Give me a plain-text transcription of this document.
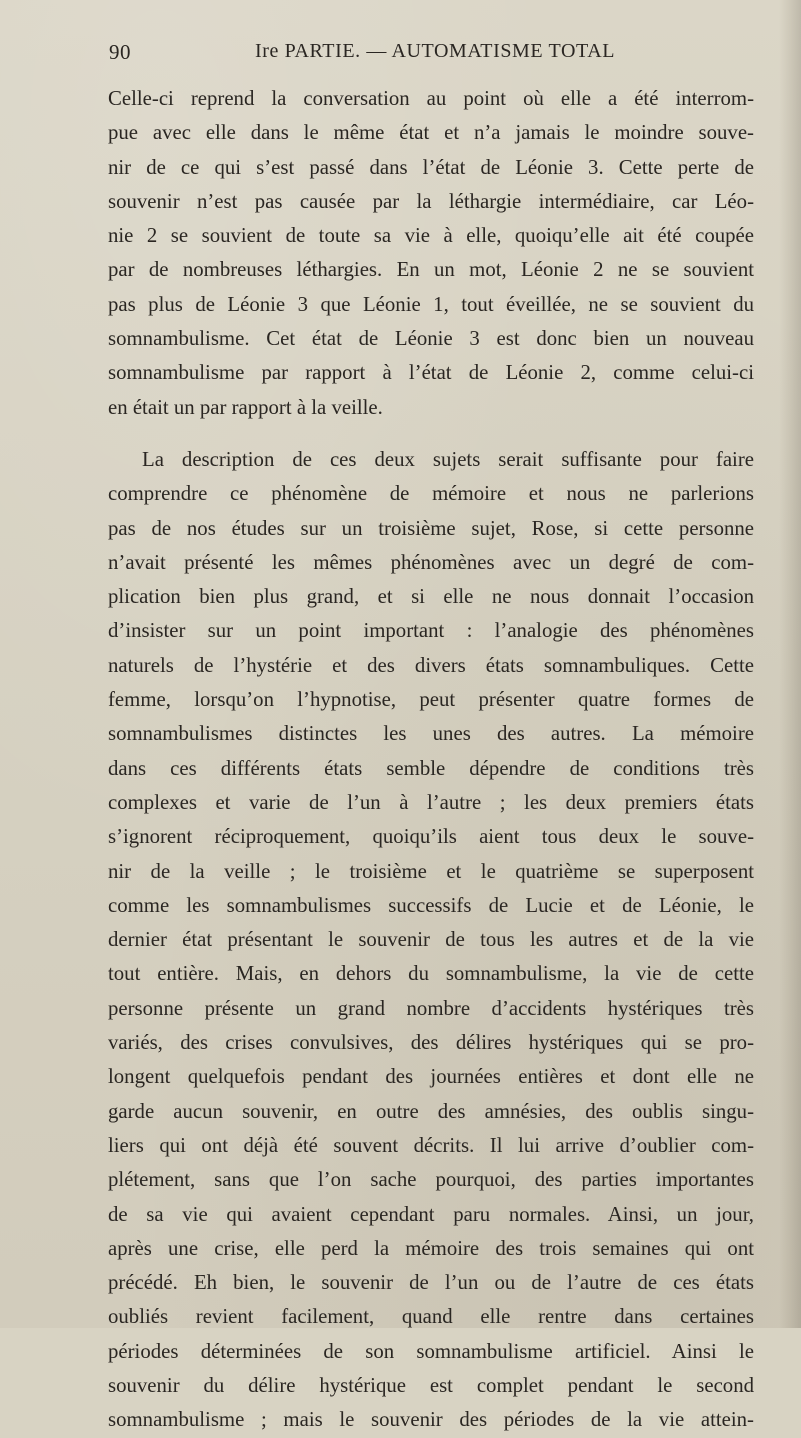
90	Ire PARTIE. — AUTOMATISME TOTAL
Celle-ci reprend la conversation au point où elle a été interrom-
pue avec elle dans le même état et n’a jamais le moindre souve-
nir de ce qui s’est passé dans l’état de Léonie 3. Cette perte de
souvenir n’est pas causée par la léthargie intermédiaire, car Léo-
nie 2 se souvient de toute sa vie à elle, quoiqu’elle ait été coupée
par de nombreuses léthargies. En un mot, Léonie 2 ne se souvient
pas plus de Léonie 3 que Léonie 1, tout éveillée, ne se souvient du
somnambulisme. Cet état de Léonie 3 est donc bien un nouveau
somnambulisme par rapport à l’état de Léonie 2, comme celui-ci
en était un par rapport à la veille.
La description de ces deux sujets serait suffisante pour faire
comprendre ce phénomène de mémoire et nous ne parlerions
pas de nos études sur un troisième sujet, Rose, si cette personne
n’avait présenté les mêmes phénomènes avec un degré de com-
plication bien plus grand, et si elle ne nous donnait l’occasion
d’insister sur un point important : l’analogie des phénomènes
naturels de l’hystérie et des divers états somnambuliques. Cette
femme, lorsqu’on l’hypnotise, peut présenter quatre formes de
somnambulismes distinctes les unes des autres. La mémoire
dans ces différents états semble dépendre de conditions très
complexes et varie de l’un à l’autre ; les deux premiers états
s’ignorent réciproquement, quoiqu’ils aient tous deux le souve-
nir de la veille ; le troisième et le quatrième se superposent
comme les somnambulismes successifs de Lucie et de Léonie, le
dernier état présentant le souvenir de tous les autres et de la vie
tout entière. Mais, en dehors du somnambulisme, la vie de cette
personne présente un grand nombre d’accidents hystériques très
variés, des crises convulsives, des délires hystériques qui se pro-
longent quelquefois pendant des journées entières et dont elle ne
garde aucun souvenir, en outre des amnésies, des oublis singu-
liers qui ont déjà été souvent décrits. Il lui arrive d’oublier com-
plétement, sans que l’on sache pourquoi, des parties importantes
de sa vie qui avaient cependant paru normales. Ainsi, un jour,
après une crise, elle perd la mémoire des trois semaines qui ont
précédé. Eh bien, le souvenir de l’un ou de l’autre de ces états
oubliés revient facilement, quand elle rentre dans certaines
périodes déterminées de son somnambulisme artificiel. Ainsi le
souvenir du délire hystérique est complet pendant le second
somnambulisme ; mais le souvenir des périodes de la vie attein-
